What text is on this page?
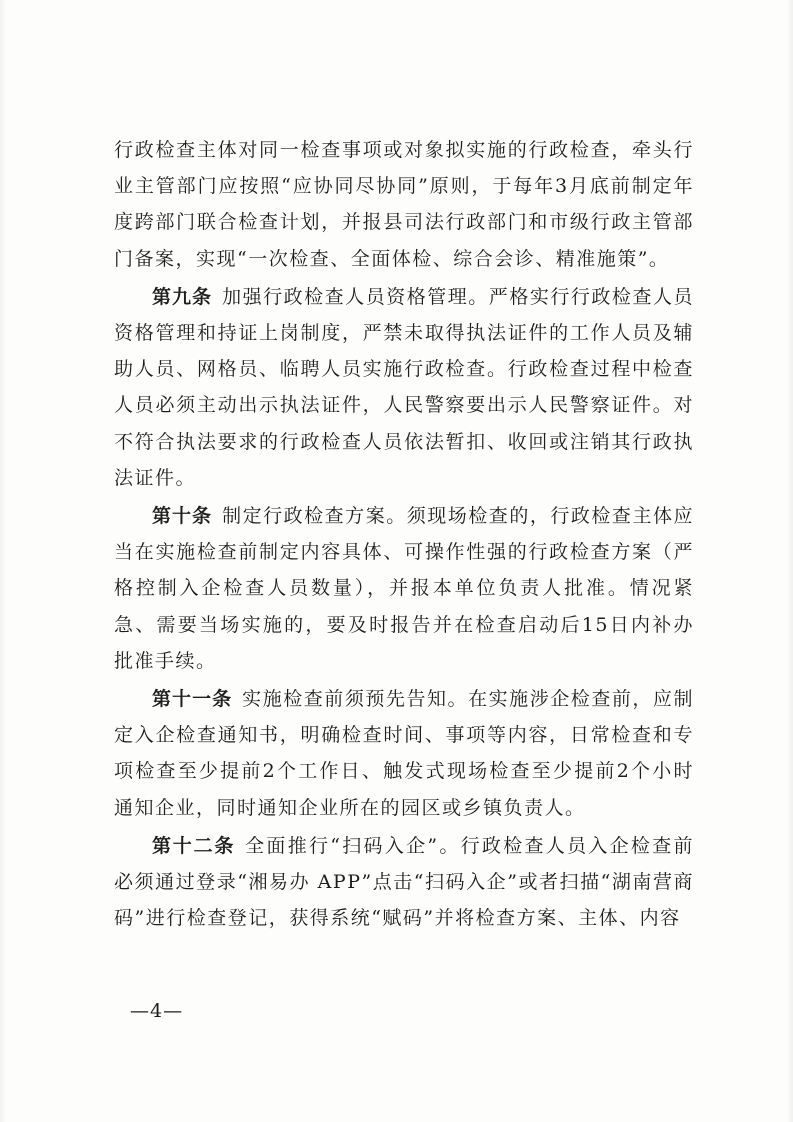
行政检查主体对同一检查事项或对象拟实施的行政检查，牵头行业主管部门应按照“应协同尽协同”原则，于每年3月底前制定年度跨部门联合检查计划，并报县司法行政部门和市级行政主管部门备案，实现“一次检查、全面体检、综合会诊、精准施策”。

第九条 加强行政检查人员资格管理。严格实行行政检查人员资格管理和持证上岗制度，严禁未取得执法证件的工作人员及辅助人员、网格员、临聘人员实施行政检查。行政检查过程中检查人员必须主动出示执法证件，人民警察要出示人民警察证件。对不符合执法要求的行政检查人员依法暂扣、收回或注销其行政执法证件。

第十条 制定行政检查方案。须现场检查的，行政检查主体应当在实施检查前制定内容具体、可操作性强的行政检查方案（严格控制入企检查人员数量），并报本单位负责人批准。情况紧急、需要当场实施的，要及时报告并在检查启动后15日内补办批准手续。

第十一条 实施检查前须预先告知。在实施涉企检查前，应制定入企检查通知书，明确检查时间、事项等内容，日常检查和专项检查至少提前2个工作日、触发式现场检查至少提前2个小时通知企业，同时通知企业所在的园区或乡镇负责人。

第十二条 全面推行“扫码入企”。行政检查人员入企检查前必须通过登录“湘易办 APP”点击“扫码入企”或者扫描“湖南营商码”进行检查登记，获得系统“赋码”并将检查方案、主体、内容

—4—
